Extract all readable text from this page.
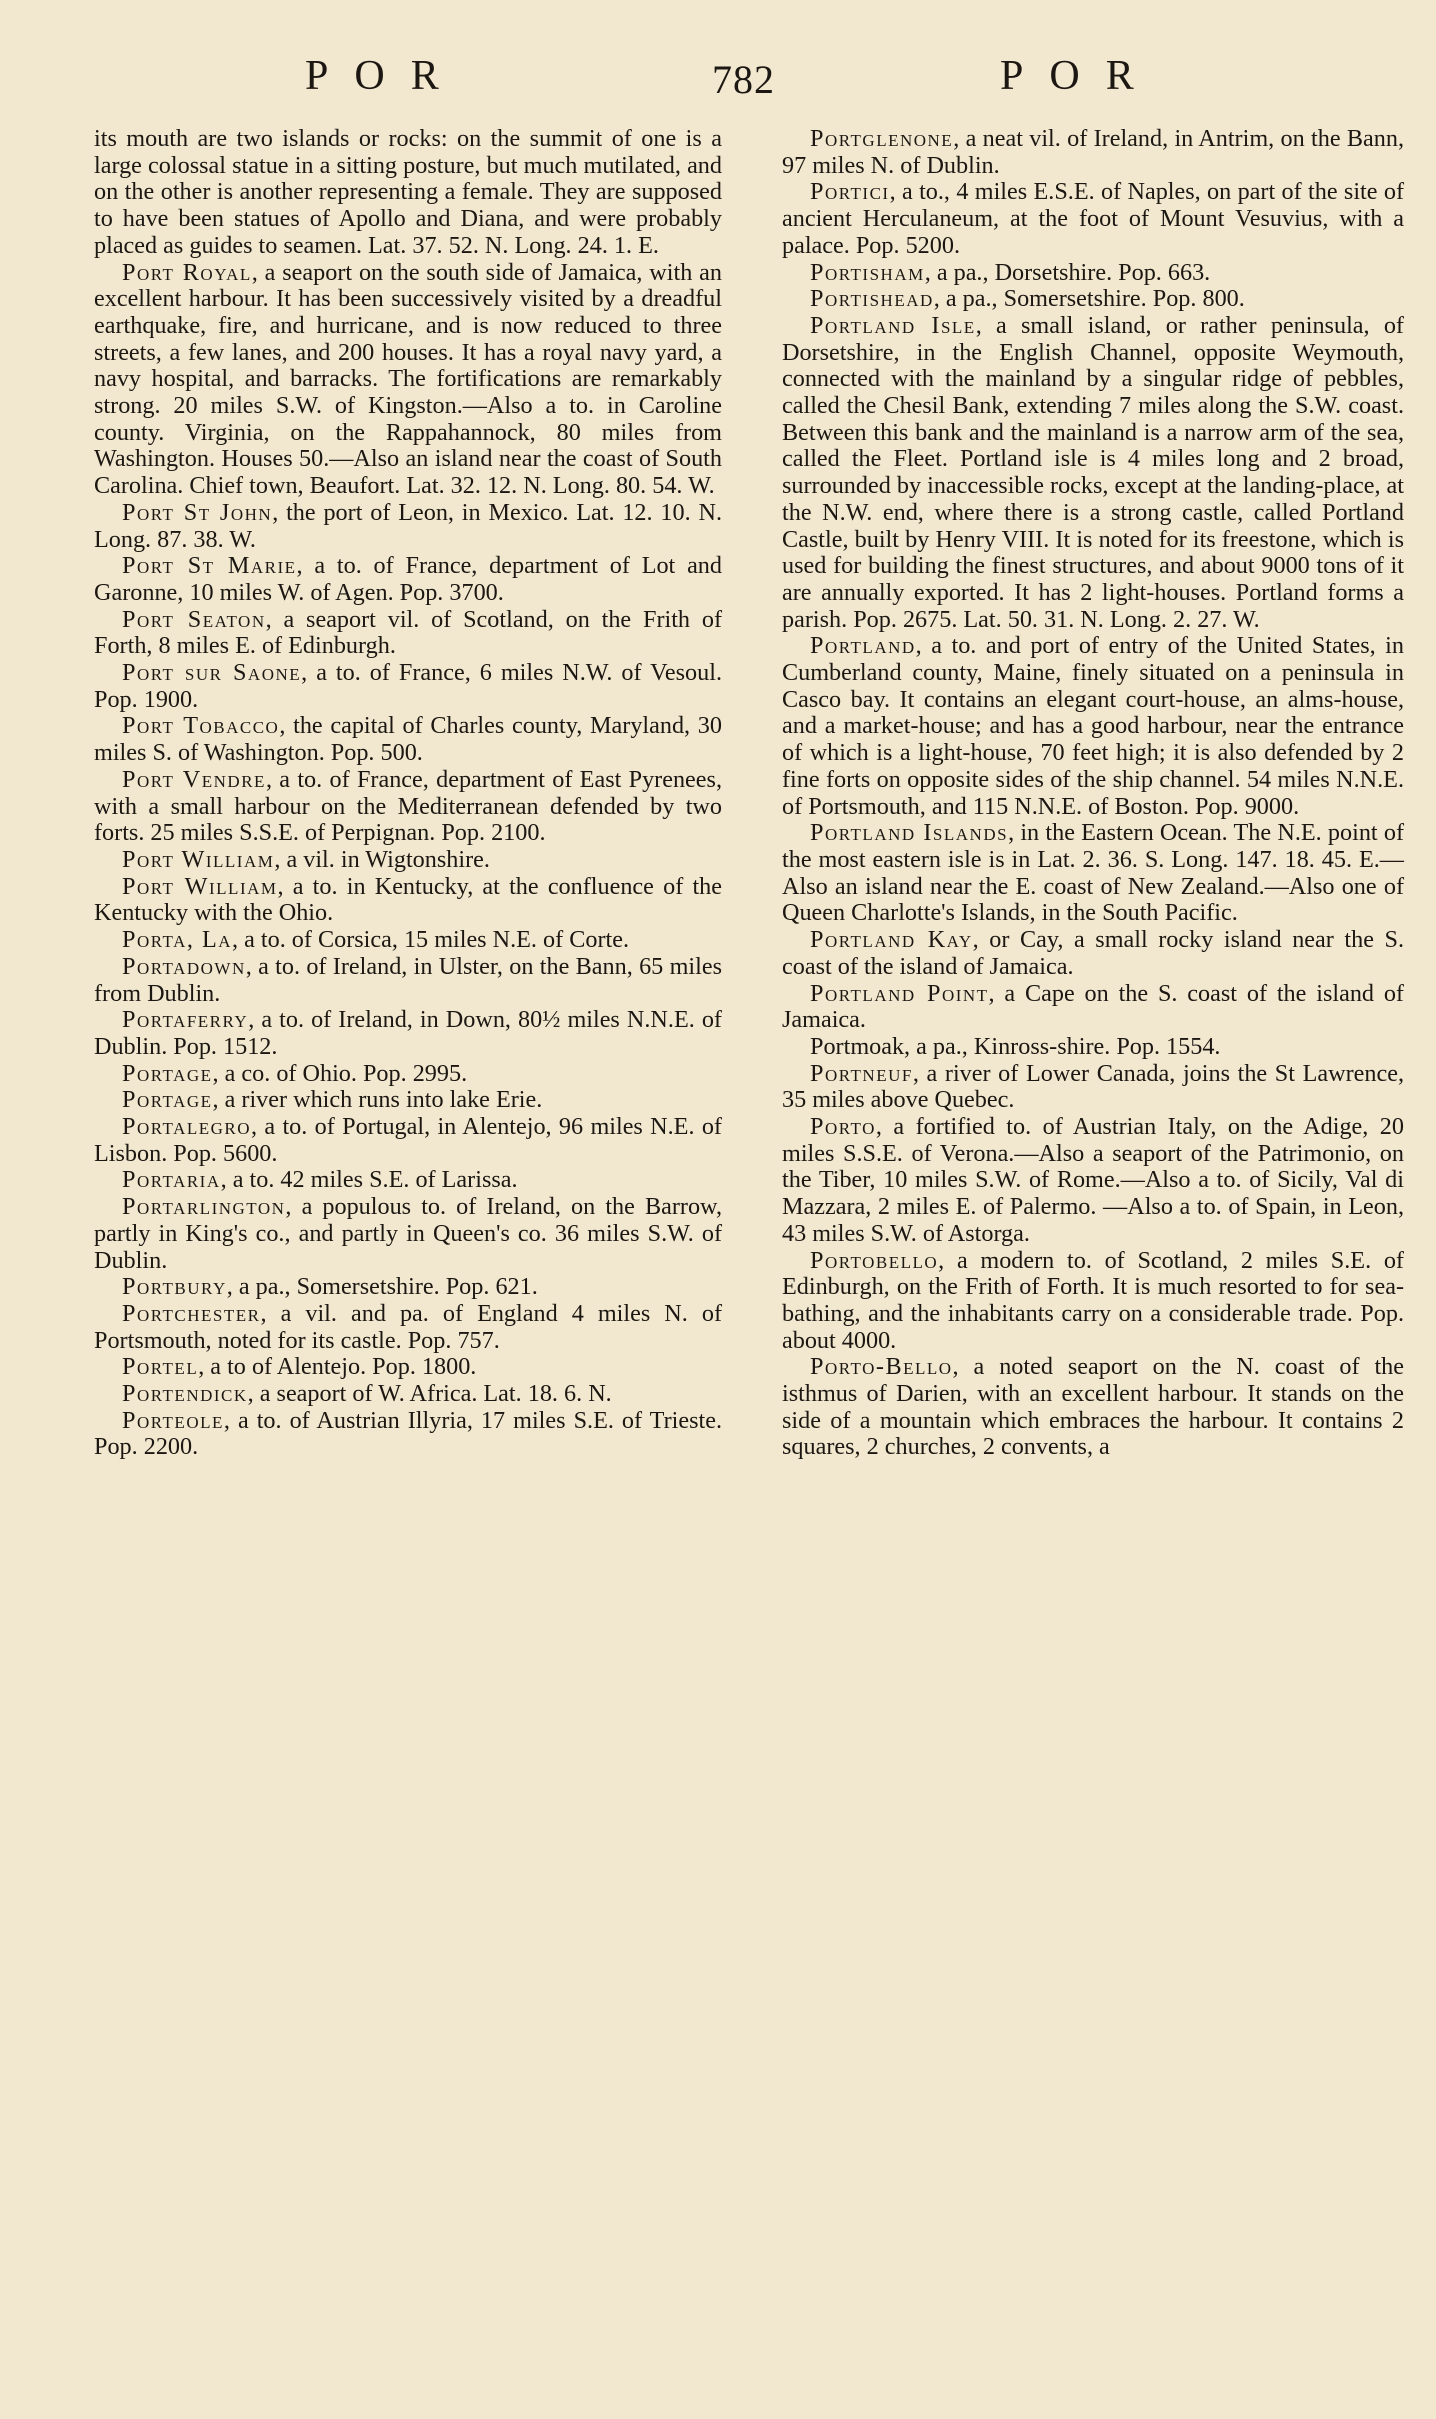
POR	782	POR

its mouth are two islands or rocks: on the summit of one is a large colossal statue in a sitting posture, but much mutilated, and on the other is another representing a female. They are supposed to have been statues of Apollo and Diana, and were probably placed as guides to seamen. Lat. 37. 52. N. Long. 24. 1. E.

Port Royal, a seaport on the south side of Jamaica, with an excellent harbour. It has been successively visited by a dreadful earthquake, fire, and hurricane, and is now reduced to three streets, a few lanes, and 200 houses. It has a royal navy yard, a navy hospital, and barracks. The fortifications are remarkably strong. 20 miles S.W. of Kingston.—Also a to. in Caroline county. Virginia, on the Rappahannock, 80 miles from Washington. Houses 50.—Also an island near the coast of South Carolina. Chief town, Beaufort. Lat. 32. 12. N. Long. 80. 54. W.

Port St John, the port of Leon, in Mexico. Lat. 12. 10. N. Long. 87. 38. W.

Port St Marie, a to. of France, department of Lot and Garonne, 10 miles W. of Agen. Pop. 3700.

Port Seaton, a seaport vil. of Scotland, on the Frith of Forth, 8 miles E. of Edinburgh.

Port sur Saone, a to. of France, 6 miles N.W. of Vesoul. Pop. 1900.

Port Tobacco, the capital of Charles county, Maryland, 30 miles S. of Washington. Pop. 500.

Port Vendre, a to. of France, department of East Pyrenees, with a small harbour on the Mediterranean defended by two forts. 25 miles S.S.E. of Perpignan. Pop. 2100.

Port William, a vil. in Wigtonshire.

Port William, a to. in Kentucky, at the confluence of the Kentucky with the Ohio.

Porta, La, a to. of Corsica, 15 miles N.E. of Corte.

Portadown, a to. of Ireland, in Ulster, on the Bann, 65 miles from Dublin.

Portaferry, a to. of Ireland, in Down, 80½ miles N.N.E. of Dublin. Pop. 1512.

Portage, a co. of Ohio. Pop. 2995.

Portage, a river which runs into lake Erie.

Portalegro, a to. of Portugal, in Alentejo, 96 miles N.E. of Lisbon. Pop. 5600.

Portaria, a to. 42 miles S.E. of Larissa.

Portarlington, a populous to. of Ireland, on the Barrow, partly in King's co., and partly in Queen's co. 36 miles S.W. of Dublin.

Portbury, a pa., Somersetshire. Pop. 621.

Portchester, a vil. and pa. of England 4 miles N. of Portsmouth, noted for its castle. Pop. 757.

Portel, a to of Alentejo. Pop. 1800.

Portendick, a seaport of W. Africa. Lat. 18. 6. N.

Porteole, a to. of Austrian Illyria, 17 miles S.E. of Trieste. Pop. 2200.

Portglenone, a neat vil. of Ireland, in Antrim, on the Bann, 97 miles N. of Dublin.

Portici, a to., 4 miles E.S.E. of Naples, on part of the site of ancient Herculaneum, at the foot of Mount Vesuvius, with a palace. Pop. 5200.

Portisham, a pa., Dorsetshire. Pop. 663.

Portishead, a pa., Somersetshire. Pop. 800.

Portland Isle, a small island, or rather peninsula, of Dorsetshire, in the English Channel, opposite Weymouth, connected with the mainland by a singular ridge of pebbles, called the Chesil Bank, extending 7 miles along the S.W. coast. Between this bank and the mainland is a narrow arm of the sea, called the Fleet. Portland isle is 4 miles long and 2 broad, surrounded by inaccessible rocks, except at the landing-place, at the N.W. end, where there is a strong castle, called Portland Castle, built by Henry VIII. It is noted for its freestone, which is used for building the finest structures, and about 9000 tons of it are annually exported. It has 2 light-houses. Portland forms a parish. Pop. 2675. Lat. 50. 31. N. Long. 2. 27. W.

Portland, a to. and port of entry of the United States, in Cumberland county, Maine, finely situated on a peninsula in Casco bay. It contains an elegant court-house, an alms-house, and a market-house; and has a good harbour, near the entrance of which is a light-house, 70 feet high; it is also defended by 2 fine forts on opposite sides of the ship channel. 54 miles N.N.E. of Portsmouth, and 115 N.N.E. of Boston. Pop. 9000.

Portland Islands, in the Eastern Ocean. The N.E. point of the most eastern isle is in Lat. 2. 36. S. Long. 147. 18. 45. E.—Also an island near the E. coast of New Zealand.—Also one of Queen Charlotte's Islands, in the South Pacific.

Portland Kay, or Cay, a small rocky island near the S. coast of the island of Jamaica.

Portland Point, a Cape on the S. coast of the island of Jamaica.

Portmoak, a pa., Kinross-shire. Pop. 1554.

Portneuf, a river of Lower Canada, joins the St Lawrence, 35 miles above Quebec.

Porto, a fortified to. of Austrian Italy, on the Adige, 20 miles S.S.E. of Verona.—Also a seaport of the Patrimonio, on the Tiber, 10 miles S.W. of Rome.—Also a to. of Sicily, Val di Mazzara, 2 miles E. of Palermo. —Also a to. of Spain, in Leon, 43 miles S.W. of Astorga.

Portobello, a modern to. of Scotland, 2 miles S.E. of Edinburgh, on the Frith of Forth. It is much resorted to for sea-bathing, and the inhabitants carry on a considerable trade. Pop. about 4000.

Porto-Bello, a noted seaport on the N. coast of the isthmus of Darien, with an excellent harbour. It stands on the side of a mountain which embraces the harbour. It contains 2 squares, 2 churches, 2 convents, a
